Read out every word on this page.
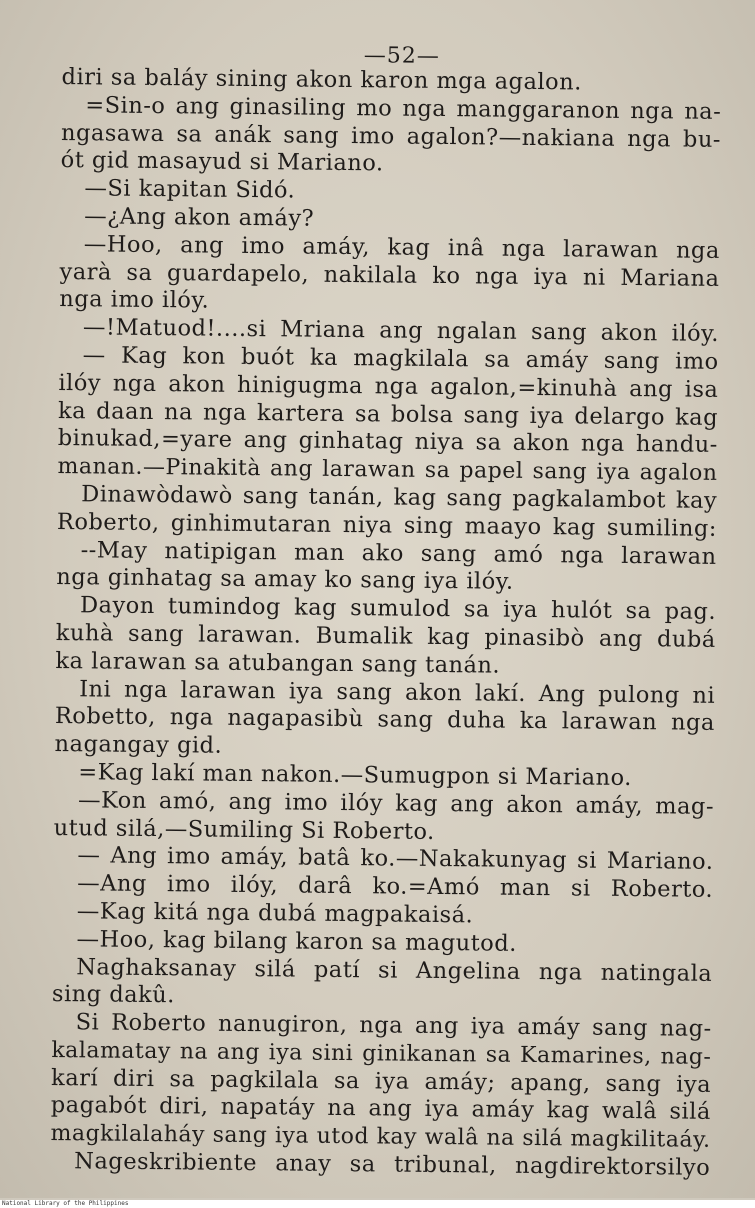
—52—
diri sa baláy sining akon karon mga agalon.
=Sin-o ang ginasiling mo nga manggaranon nga na-
ngasawa sa anák sang imo agalon?—nakiana nga bu-
ót gid masayud si Mariano.
—Si kapitan Sidó.
—¿Ang akon amáy?
—Hoo, ang imo amáy, kag inâ nga larawan nga
yarà sa guardapelo, nakilala ko nga iya ni Mariana
nga imo ilóy.
—!Matuod!....si Mriana ang ngalan sang akon ilóy.
— Kag kon buót ka magkilala sa amáy sang imo
ilóy nga akon hinigugma nga agalon,=kinuhà ang isa
ka daan na nga kartera sa bolsa sang iya delargo kag
binukad,=yare ang ginhatag niya sa akon nga handu-
manan.—Pinakità ang larawan sa papel sang iya agalon
Dinawòdawò sang tanán, kag sang pagkalambot kay
Roberto, ginhimutaran niya sing maayo kag sumiling:
--May natipigan man ako sang amó nga larawan
nga ginhatag sa amay ko sang iya ilóy.
Dayon tumindog kag sumulod sa iya hulót sa pag.
kuhà sang larawan. Bumalik kag pinasibò ang dubá
ka larawan sa atubangan sang tanán.
Ini nga larawan iya sang akon lakí. Ang pulong ni
Robetto, nga nagapasibù sang duha ka larawan nga
nagangay gid.
=Kag lakí man nakon.—Sumugpon si Mariano.
—Kon amó, ang imo ilóy kag ang akon amáy, mag-
utud silá,—Sumiling Si Roberto.
— Ang imo amáy, batâ ko.—Nakakunyag si Mariano.
—Ang imo ilóy, darâ ko.=Amó man si Roberto.
—Kag kitá nga dubá magpakaisá.
—Hoo, kag bilang karon sa magutod.
Naghaksanay silá patí si Angelina nga natingala
sing dakû.
Si Roberto nanugiron, nga ang iya amáy sang nag-
kalamatay na ang iya sini ginikanan sa Kamarines, nag-
karí diri sa pagkilala sa iya amáy; apang, sang iya
pagabót diri, napatáy na ang iya amáy kag walâ silá
magkilalaháy sang iya utod kay walâ na silá magkilitaáy.
Nageskribiente anay sa tribunal, nagdirektorsilyo
National Library of the Philippines
